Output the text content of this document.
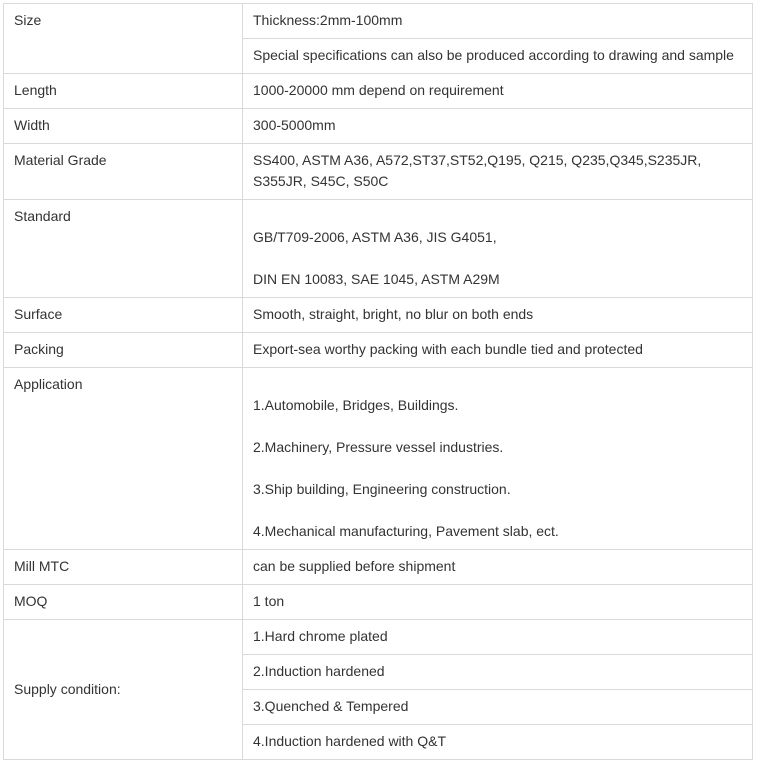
Size	Thickness:2mm-100mm
	Special specifications can also be produced according to drawing and sample
Length	1000-20000 mm depend on requirement
Width	300-5000mm
Material Grade	SS400, ASTM A36, A572,ST37,ST52,Q195, Q215, Q235,Q345,S235JR, S355JR, S45C, S50C
Standard	GB/T709-2006, ASTM A36, JIS G4051,

DIN EN 10083, SAE 1045, ASTM A29M

Surface	Smooth, straight, bright, no blur on both ends
Packing	Export-sea worthy packing with each bundle tied and protected
Application	1.Automobile, Bridges, Buildings.

2.Machinery, Pressure vessel industries.

3.Ship building, Engineering construction.

4.Mechanical manufacturing, Pavement slab, ect.

Mill MTC	can be supplied before shipment
MOQ	1 ton
Supply condition:	1.Hard chrome plated
	2.Induction hardened
	3.Quenched & Tempered
	4.Induction hardened with Q&T
